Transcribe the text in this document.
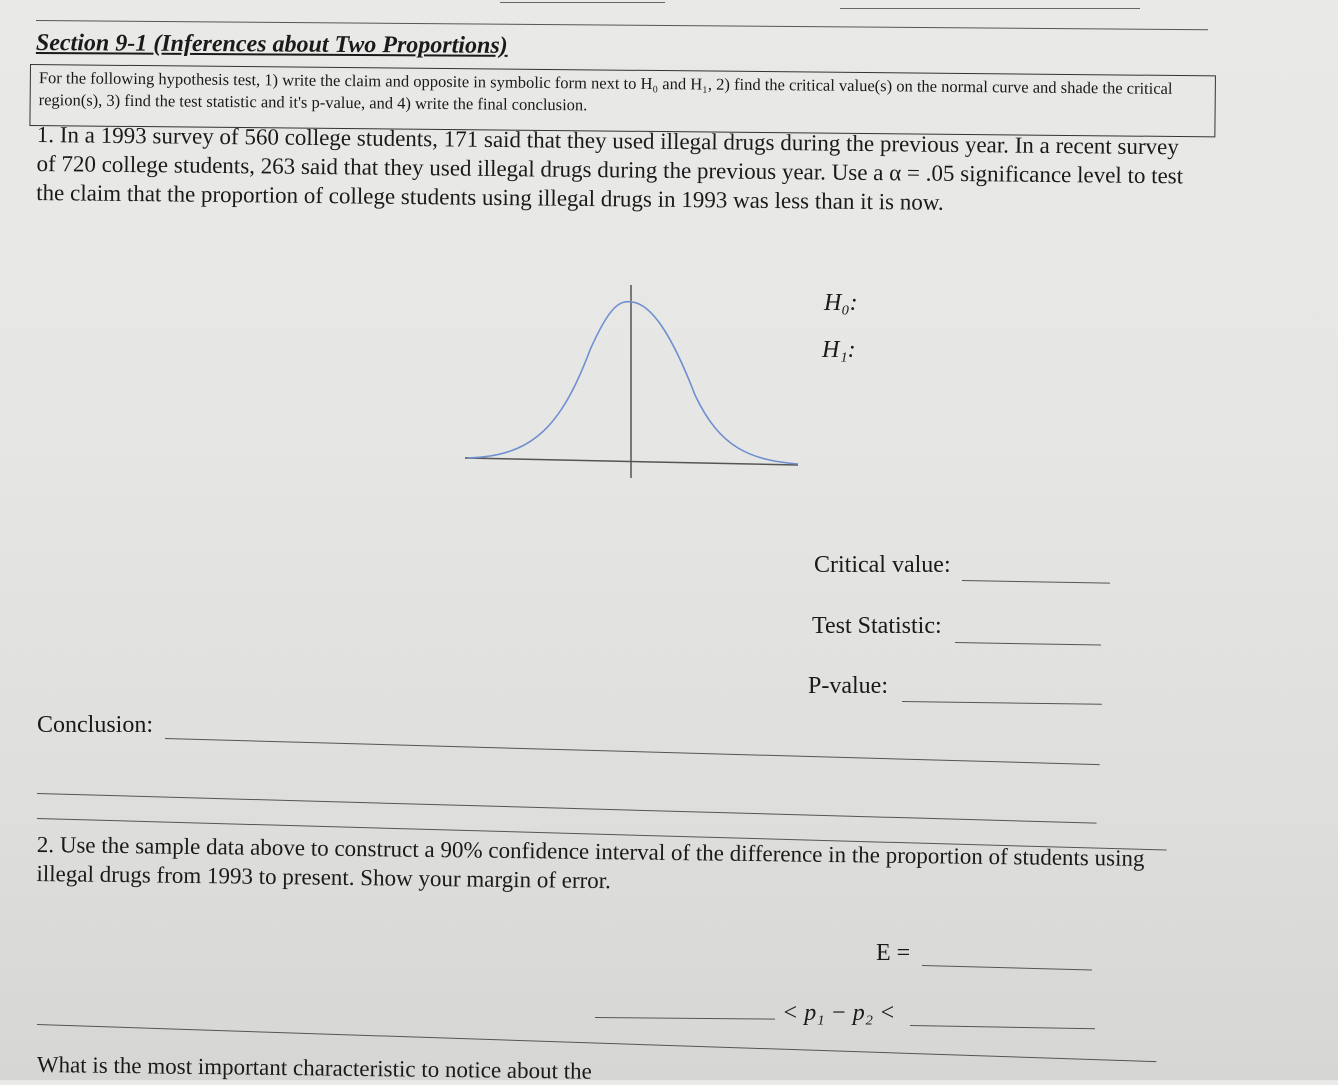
Section 9-1 (Inferences about Two Proportions)
For the following hypothesis test, 1) write the claim and opposite in symbolic form next to H₀ and H₁, 2) find the critical value(s) on the normal curve and shade the critical region(s), 3) find the test statistic and it's p-value, and 4) write the final conclusion.
1. In a 1993 survey of 560 college students, 171 said that they used illegal drugs during the previous year. In a recent survey of 720 college students, 263 said that they used illegal drugs during the previous year. Use a α = .05 significance level to test the claim that the proportion of college students using illegal drugs in 1993 was less than it is now.
H₀:
H₁:
Critical value:
Test Statistic:
P-value:
Conclusion:
2. Use the sample data above to construct a 90% confidence interval of the difference in the proportion of students using illegal drugs from 1993 to present. Show your margin of error.
E =
< p₁ − p₂ <
What is the most important characteristic to notice about the
